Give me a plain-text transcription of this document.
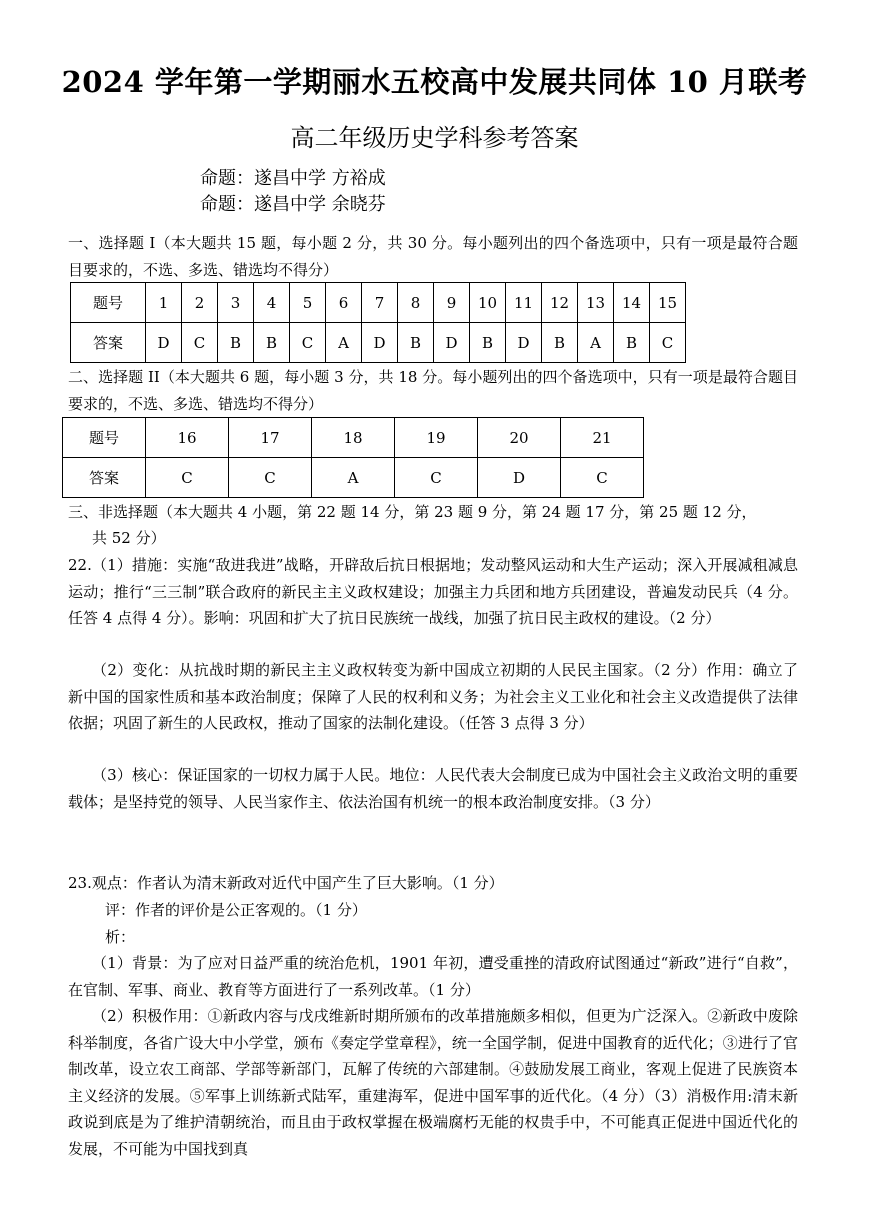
2024 学年第一学期丽水五校高中发展共同体 10 月联考
高二年级历史学科参考答案
命题：遂昌中学 方裕成
命题：遂昌中学 余晓芬
一、选择题 I（本大题共 15 题，每小题 2 分，共 30 分。每小题列出的四个备选项中，只有一项是最符合题目要求的，不选、多选、错选均不得分）
题号	1	2	3	4	5	6	7	8	9	10	11	12	13	14	15
答案	D	C	B	B	C	A	D	B	D	B	D	B	A	B	C
二、选择题 II（本大题共 6 题，每小题 3 分，共 18 分。每小题列出的四个备选项中，只有一项是最符合题目要求的，不选、多选、错选均不得分）
题号	16	17	18	19	20	21
答案	C	C	A	C	D	C
三、非选择题（本大题共 4 小题，第 22 题 14 分，第 23 题 9 分，第 24 题 17 分，第 25 题 12 分，
共 52 分）
22.（1）措施：实施“敌进我进”战略，开辟敌后抗日根据地；发动整风运动和大生产运动；深入开展减租减息运动；推行“三三制”联合政府的新民主主义政权建设；加强主力兵团和地方兵团建设，普遍发动民兵（4 分。任答 4 点得 4 分）。影响：巩固和扩大了抗日民族统一战线，加强了抗日民主政权的建设。（2 分）
（2）变化：从抗战时期的新民主主义政权转变为新中国成立初期的人民民主国家。（2 分）作用：确立了新中国的国家性质和基本政治制度；保障了人民的权利和义务；为社会主义工业化和社会主义改造提供了法律依据；巩固了新生的人民政权，推动了国家的法制化建设。（任答 3 点得 3 分）
（3）核心：保证国家的一切权力属于人民。地位：人民代表大会制度已成为中国社会主义政治文明的重要载体；是坚持党的领导、人民当家作主、依法治国有机统一的根本政治制度安排。（3 分）
23.观点：作者认为清末新政对近代中国产生了巨大影响。（1 分）
评：作者的评价是公正客观的。（1 分）
析：
（1）背景：为了应对日益严重的统治危机，1901 年初，遭受重挫的清政府试图通过“新政”进行“自救”，在官制、军事、商业、教育等方面进行了一系列改革。（1 分）
（2）积极作用：①新政内容与戊戌维新时期所颁布的改革措施颇多相似，但更为广泛深入。②新政中废除科举制度，各省广设大中小学堂，颁布《奏定学堂章程》，统一全国学制，促进中国教育的近代化；③进行了官制改革，设立农工商部、学部等新部门，瓦解了传统的六部建制。④鼓励发展工商业，客观上促进了民族资本主义经济的发展。⑤军事上训练新式陆军，重建海军，促进中国军事的近代化。（4 分）（3）消极作用:清末新政说到底是为了维护清朝统治，而且由于政权掌握在极端腐朽无能的权贵手中，不可能真正促进中国近代化的发展，不可能为中国找到真
